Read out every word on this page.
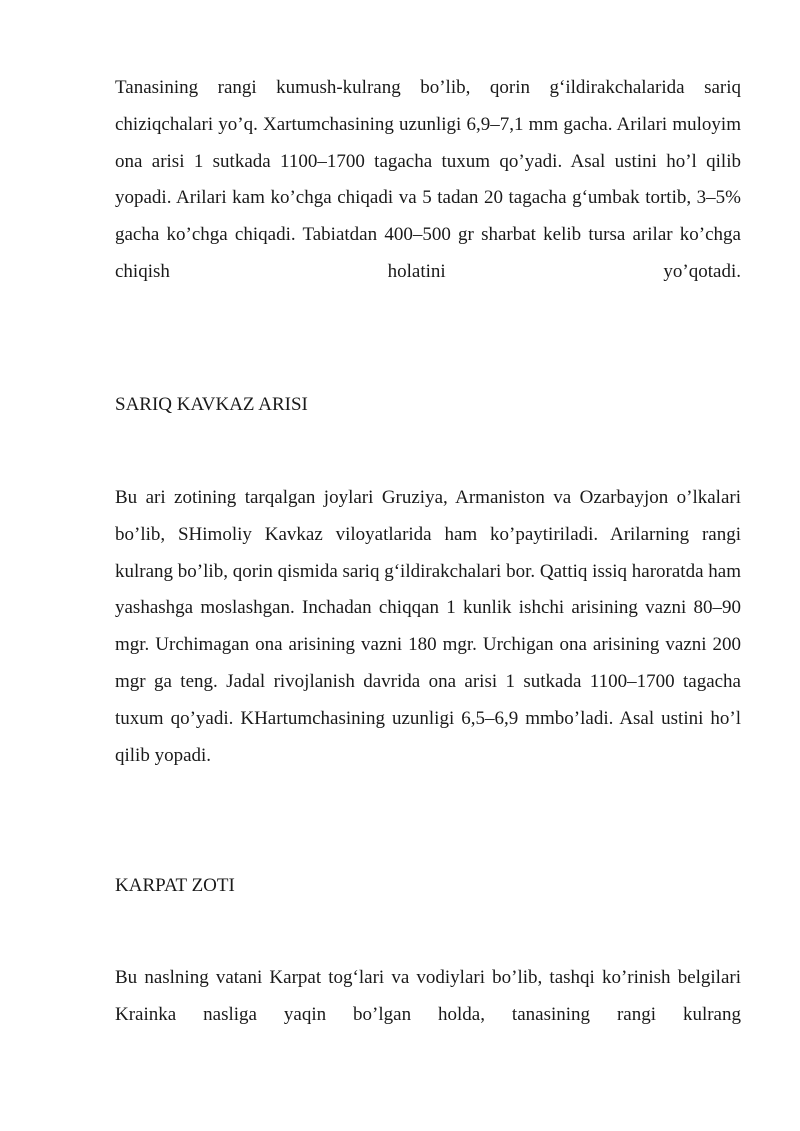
Tanasining rangi kumush-kulrang bo’lib, qorin g‘ildirakchalarida sariq chiziqchalari yo’q. Xartumchasining uzunligi 6,9–7,1 mm gacha. Arilari muloyim ona arisi 1 sutkada 1100–1700 tagacha tuxum qo’yadi. Asal ustini ho’l qilib yopadi. Arilari kam ko’chga chiqadi va 5 tadan 20 tagacha g‘umbak tortib, 3–5% gacha ko’chga chiqadi. Tabiatdan 400–500 gr sharbat kelib tursa arilar ko’chga chiqish holatini yo’qotadi.

SARIQ KAVKAZ ARISI

Bu ari zotining tarqalgan joylari Gruziya, Armaniston va Ozarbayjon o’lkalari bo’lib, SHimoliy Kavkaz viloyatlarida ham ko’paytiriladi. Arilarning rangi kulrang bo’lib, qorin qismida sariq g‘ildirakchalari bor. Qattiq issiq haroratda ham yashashga moslashgan. Inchadan chiqqan 1 kunlik ishchi arisining vazni 80–90 mgr. Urchimagan ona arisining vazni 180 mgr. Urchigan ona arisining vazni 200 mgr ga teng. Jadal rivojlanish davrida ona arisi 1 sutkada 1100–1700 tagacha tuxum qo’yadi. KHartumchasining uzunligi 6,5–6,9 mmbo’ladi. Asal ustini ho’l qilib yopadi.

KARPAT ZOTI

Bu naslning vatani Karpat tog‘lari va vodiylari bo’lib, tashqi ko’rinish belgilari Krainka nasliga yaqin bo’lgan holda, tanasining rangi kulrang
